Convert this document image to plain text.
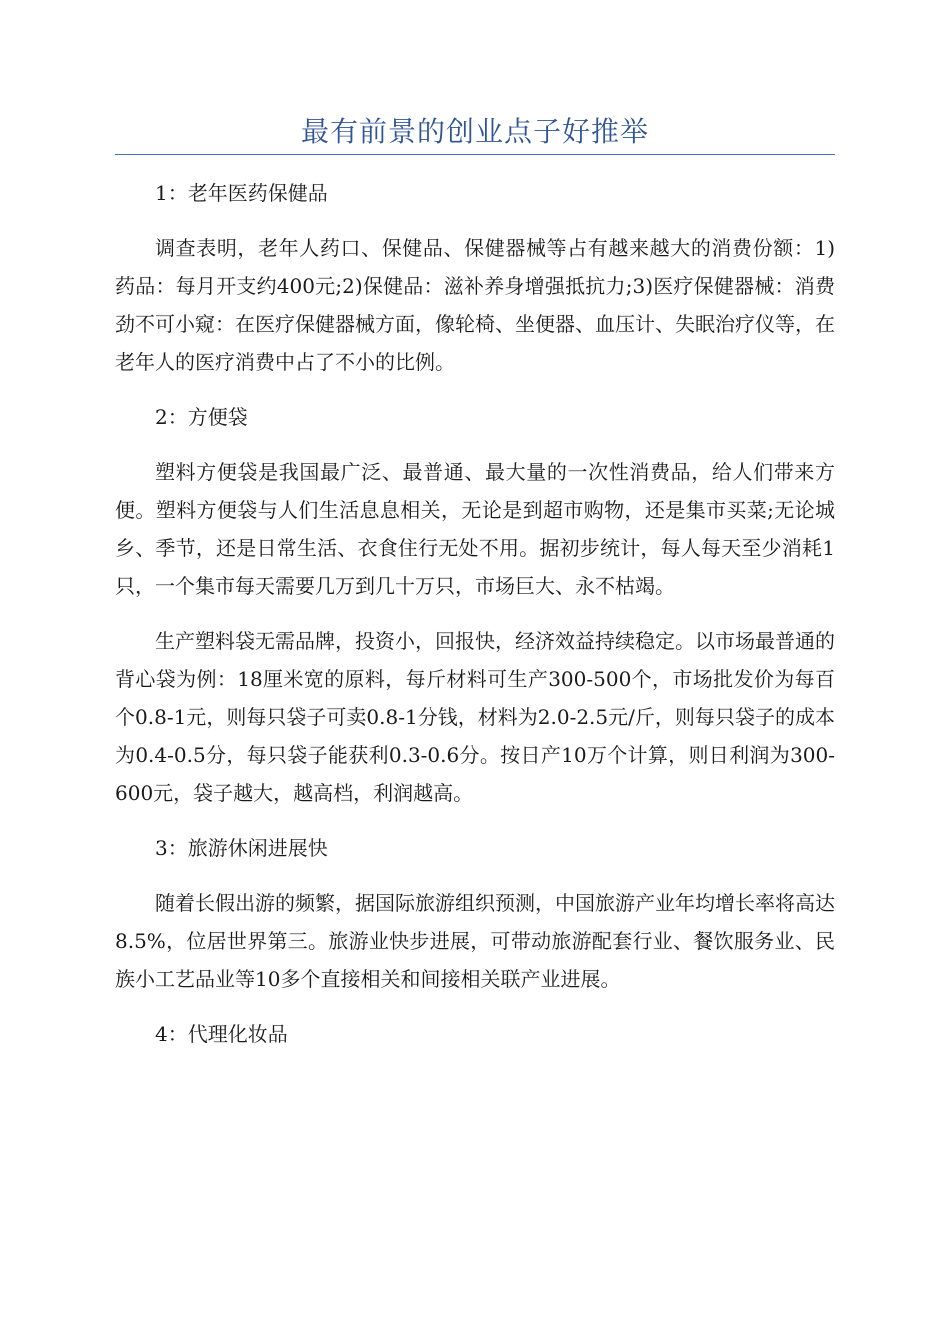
最有前景的创业点子好推举

1：老年医药保健品

调查表明，老年人药口、保健品、保健器械等占有越来越大的消费份额：1)药品：每月开支约400元;2)保健品：滋补养身增强抵抗力;3)医疗保健器械：消费劲不可小窥：在医疗保健器械方面，像轮椅、坐便器、血压计、失眠治疗仪等，在老年人的医疗消费中占了不小的比例。

2：方便袋

塑料方便袋是我国最广泛、最普通、最大量的一次性消费品，给人们带来方便。塑料方便袋与人们生活息息相关，无论是到超市购物，还是集市买菜;无论城乡、季节，还是日常生活、衣食住行无处不用。据初步统计，每人每天至少消耗1只，一个集市每天需要几万到几十万只，市场巨大、永不枯竭。

生产塑料袋无需品牌，投资小，回报快，经济效益持续稳定。以市场最普通的背心袋为例：18厘米宽的原料，每斤材料可生产300-500个，市场批发价为每百个0.8-1元，则每只袋子可卖0.8-1分钱，材料为2.0-2.5元/斤，则每只袋子的成本为0.4-0.5分，每只袋子能获利0.3-0.6分。按日产10万个计算，则日利润为300-600元，袋子越大，越高档，利润越高。

3：旅游休闲进展快

随着长假出游的频繁，据国际旅游组织预测，中国旅游产业年均增长率将高达8.5%，位居世界第三。旅游业快步进展，可带动旅游配套行业、餐饮服务业、民族小工艺品业等10多个直接相关和间接相关联产业进展。

4：代理化妆品
